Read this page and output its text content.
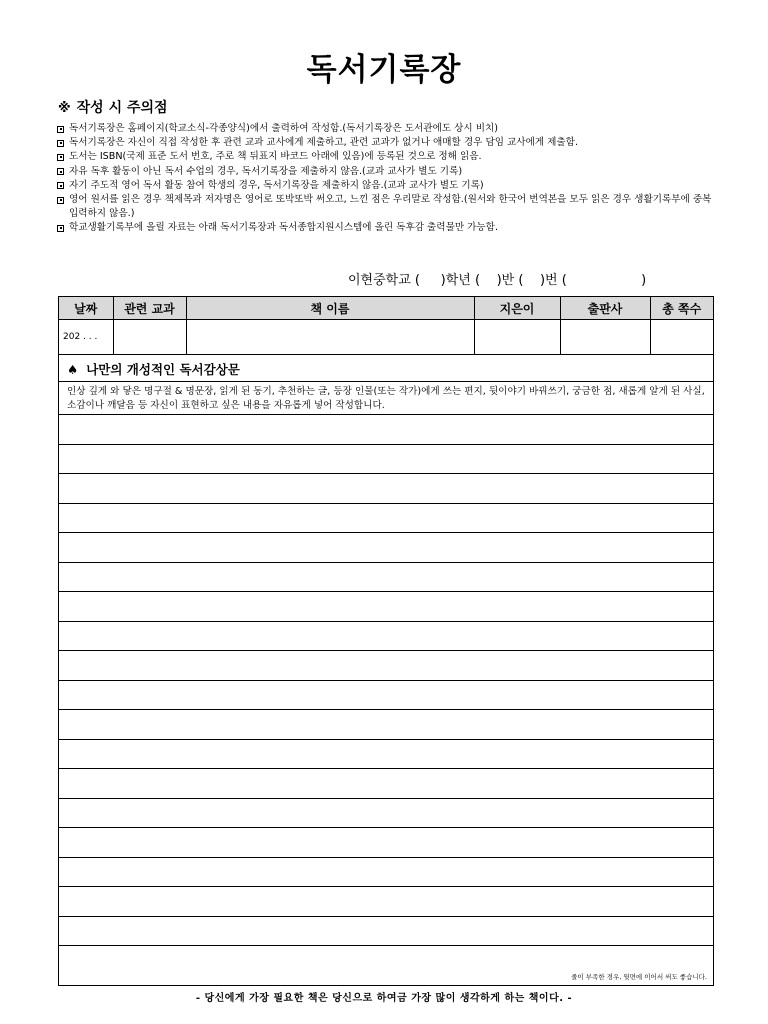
독서기록장
※ 작성 시 주의점
독서기록장은 홈페이지(학교소식-각종양식)에서 출력하여 작성함.(독서기록장은 도서관에도 상시 비치)
독서기록장은 자신이 직접 작성한 후 관련 교과 교사에게 제출하고, 관련 교과가 없거나 애매할 경우 담임 교사에게 제출함.
도서는 ISBN(국제 표준 도서 번호, 주로 책 뒤표지 바코드 아래에 있음)에 등록된 것으로 정해 읽음.
자유 독후 활동이 아닌 독서 수업의 경우, 독서기록장을 제출하지 않음.(교과 교사가 별도 기록)
자기 주도적 영어 독서 활동 참여 학생의 경우, 독서기록장을 제출하지 않음.(교과 교사가 별도 기록)
영어 원서를 읽은 경우 책제목과 저자명은 영어로 또박또박 써오고, 느낀 점은 우리말로 작성함.(원서와 한국어 번역본을 모두 읽은 경우 생활기록부에 중복 입력하지 않음.)
학교생활기록부에 올릴 자료는 아래 독서기록장과 독서종합지원시스템에 올린 독후감 출력물만 가능함.
이현중학교 (     )학년 (    )반 (    )번 (                  )
날짜	관련 교과	책 이름	지은이	출판사	총 쪽수
202 . . .					
♠ 나만의 개성적인 독서감상문
인상 깊게 와 닿은 명구절 & 명문장, 읽게 된 동기, 추천하는 글, 등장 인물(또는 작가)에게 쓰는 편지, 뒷이야기 바꿔쓰기, 궁금한 점, 새롭게 알게 된 사실, 소감이나 깨달음 등 자신이 표현하고 싶은 내용을 자유롭게 넣어 작성합니다.
줄이 부족한 경우, 뒷면에 이어서 써도 좋습니다.
- 당신에게 가장 필요한 책은 당신으로 하여금 가장 많이 생각하게 하는 책이다. -
